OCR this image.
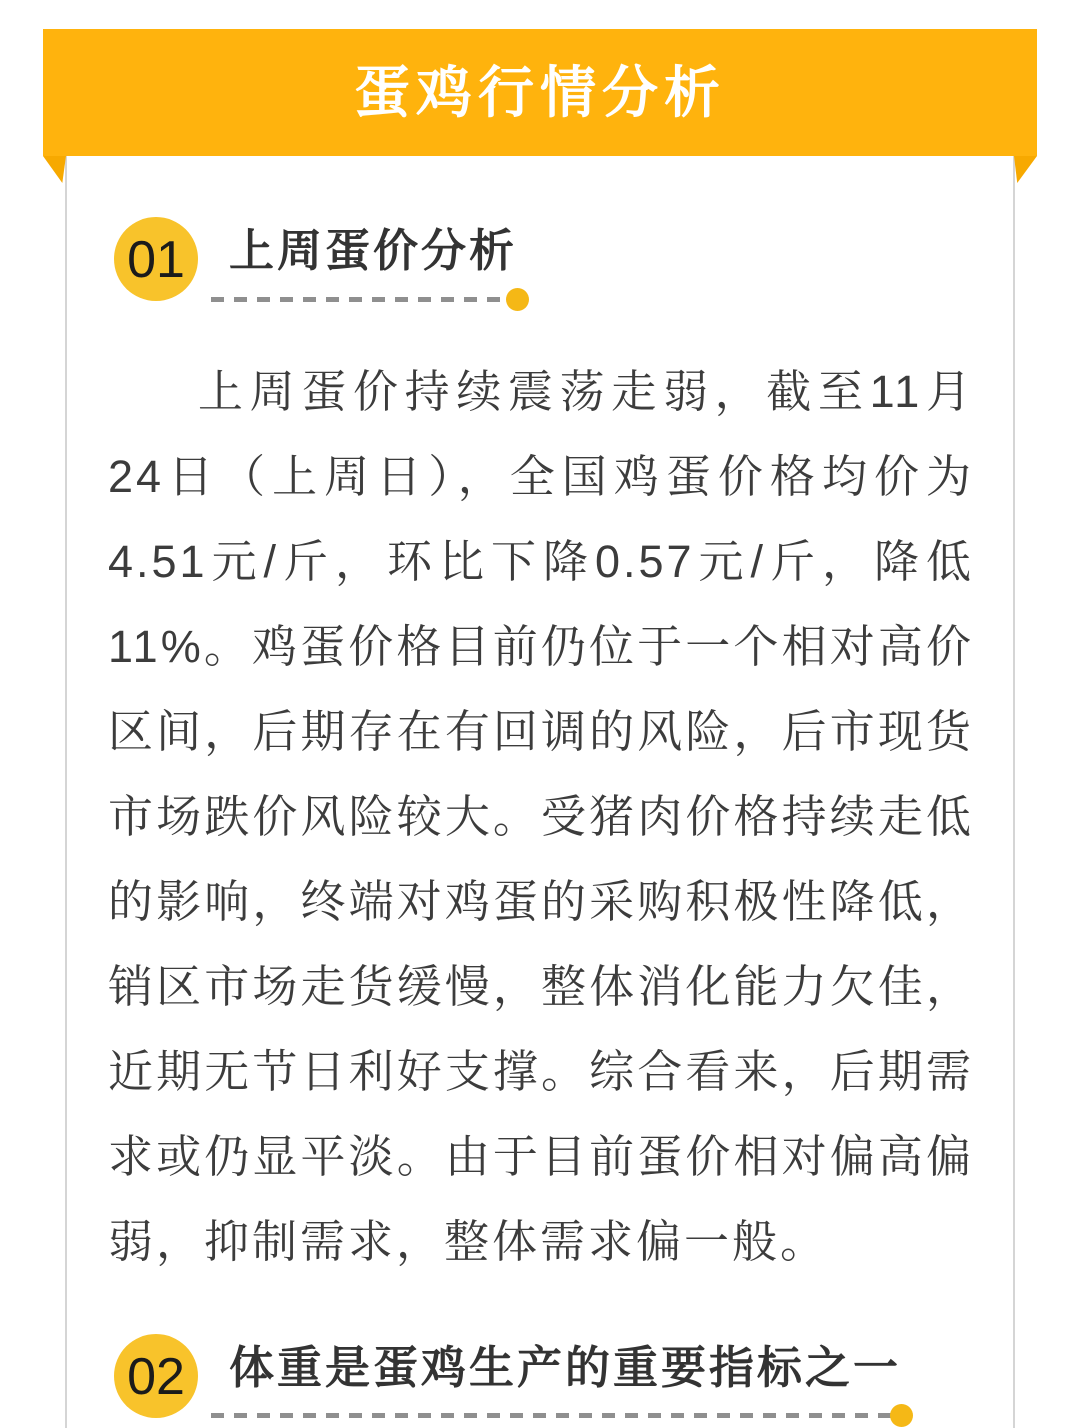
01 上周蛋价分析

上周蛋价持续震荡走弱，截至11月24日（上周日），全国鸡蛋价格均价为4.51元/斤，环比下降0.57元/斤，降低11%。鸡蛋价格目前仍位于一个相对高价区间，后期存在有回调的风险，后市现货市场跌价风险较大。受猪肉价格持续走低的影响，终端对鸡蛋的采购积极性降低，销区市场走货缓慢，整体消化能力欠佳，近期无节日利好支撑。综合看来，后期需求或仍显平淡。由于目前蛋价相对偏高偏弱，抑制需求，整体需求偏一般。

02 体重是蛋鸡生产的重要指标之一
蛋鸡行情分析
